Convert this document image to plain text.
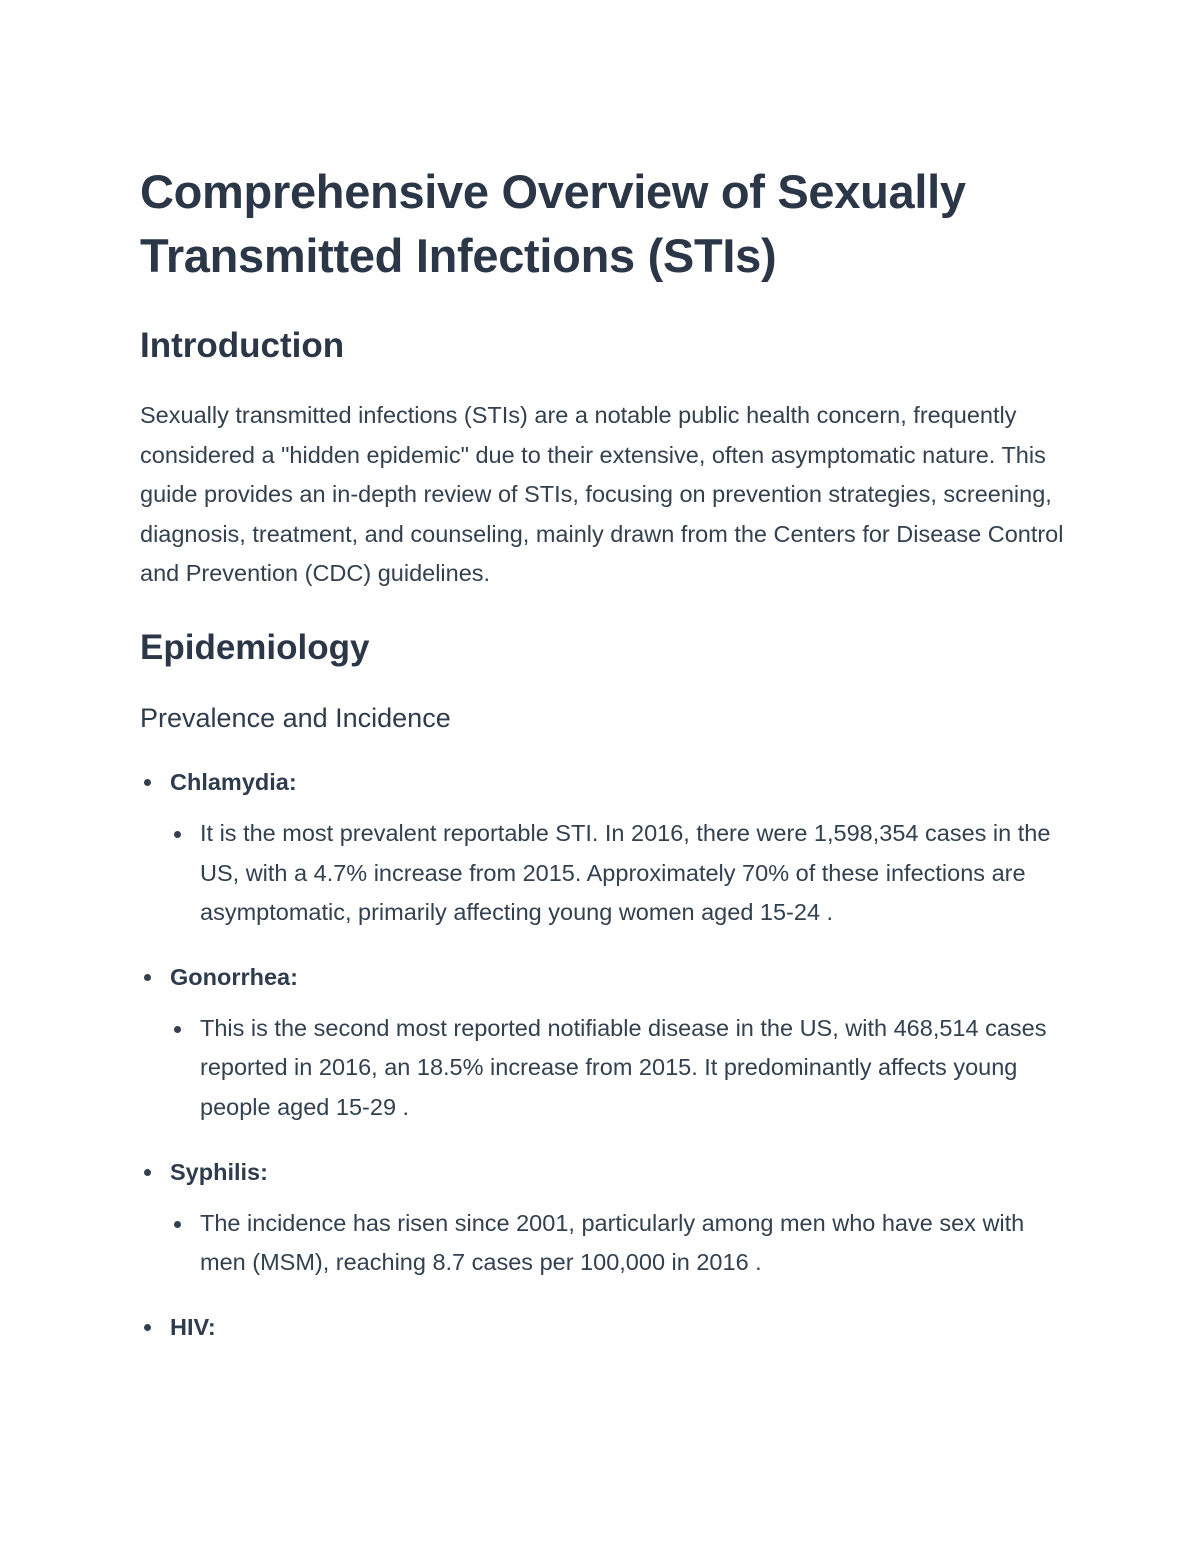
Comprehensive Overview of Sexually Transmitted Infections (STIs)
Introduction

Sexually transmitted infections (STIs) are a notable public health concern, frequently considered a "hidden epidemic" due to their extensive, often asymptomatic nature. This guide provides an in-depth review of STIs, focusing on prevention strategies, screening, diagnosis, treatment, and counseling, mainly drawn from the Centers for Disease Control and Prevention (CDC) guidelines.

Epidemiology
Prevalence and Incidence
Chlamydia:

It is the most prevalent reportable STI. In 2016, there were 1,598,354 cases in the US, with a 4.7% increase from 2015. Approximately 70% of these infections are asymptomatic, primarily affecting young women aged 15-24 .

Gonorrhea:

This is the second most reported notifiable disease in the US, with 468,514 cases reported in 2016, an 18.5% increase from 2015. It predominantly affects young people aged 15-29 .

Syphilis:

The incidence has risen since 2001, particularly among men who have sex with men (MSM), reaching 8.7 cases per 100,000 in 2016 .

HIV:
